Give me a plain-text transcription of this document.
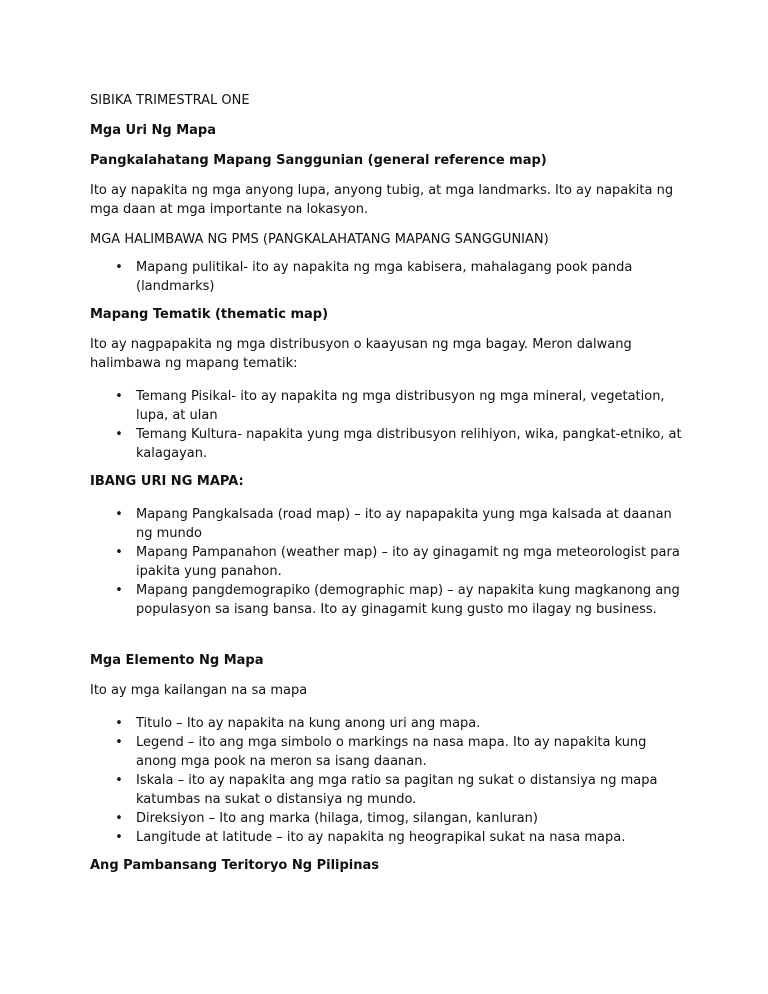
SIBIKA TRIMESTRAL ONE

Mga Uri Ng Mapa

Pangkalahatang Mapang Sanggunian (general reference map)

Ito ay napakita ng mga anyong lupa, anyong tubig, at mga landmarks. Ito ay napakita ng mga daan at mga importante na lokasyon.

MGA HALIMBAWA NG PMS (PANGKALAHATANG MAPANG SANGGUNIAN)

• Mapang pulitikal- ito ay napakita ng mga kabisera, mahalagang pook panda (landmarks)

Mapang Tematik (thematic map)

Ito ay nagpapakita ng mga distribusyon o kaayusan ng mga bagay. Meron dalwang halimbawa ng mapang tematik:

• Temang Pisikal- ito ay napakita ng mga distribusyon ng mga mineral, vegetation, lupa, at ulan
• Temang Kultura- napakita yung mga distribusyon relihiyon, wika, pangkat-etniko, at kalagayan.

IBANG URI NG MAPA:

• Mapang Pangkalsada (road map) – ito ay napapakita yung mga kalsada at daanan ng mundo
• Mapang Pampanahon (weather map) – ito ay ginagamit ng mga meteorologist para ipakita yung panahon.
• Mapang pangdemograpiko (demographic map) – ay napakita kung magkanong ang populasyon sa isang bansa. Ito ay ginagamit kung gusto mo ilagay ng business.

Mga Elemento Ng Mapa

Ito ay mga kailangan na sa mapa

• Titulo – Ito ay napakita na kung anong uri ang mapa.
• Legend – ito ang mga simbolo o markings na nasa mapa. Ito ay napakita kung anong mga pook na meron sa isang daanan.
• Iskala – ito ay napakita ang mga ratio sa pagitan ng sukat o distansiya ng mapa katumbas na sukat o distansiya ng mundo.
• Direksiyon – Ito ang marka (hilaga, timog, silangan, kanluran)
• Langitude at latitude – ito ay napakita ng heograpikal sukat na nasa mapa.

Ang Pambansang Teritoryo Ng Pilipinas
